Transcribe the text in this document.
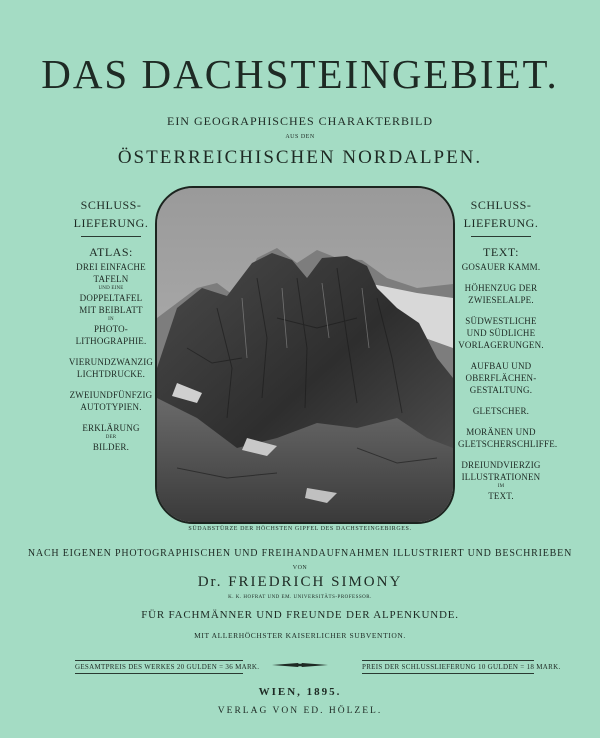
DAS DACHSTEINGEBIET.
EIN GEOGRAPHISCHES CHARAKTERBILD
AUS DEN
ÖSTERREICHISCHEN NORDALPEN.
SCHLUSS-
LIEFERUNG.
ATLAS:
DREI EINFACHE
TAFELN
UND EINE
DOPPELTAFEL
MIT BEIBLATT
IN
PHOTO-
LITHOGRAPHIE.
VIERUNDZWANZIG
LICHTDRUCKE.
ZWEIUNDFÜNFZIG
AUTOTYPIEN.
ERKLÄRUNG
DER
BILDER.
SCHLUSS-
LIEFERUNG.
TEXT:
GOSAUER KAMM.
HÖHENZUG DER
ZWIESELALPE.
SÜDWESTLICHE
UND SÜDLICHE
VORLAGERUNGEN.
AUFBAU UND
OBERFLÄCHEN-
GESTALTUNG.
GLETSCHER.
MORÄNEN UND
GLETSCHERSCHLIFFE.
DREIUNDVIERZIG
ILLUSTRATIONEN
IM
TEXT.
SÜDABSTÜRZE DER HÖCHSTEN GIPFEL DES DACHSTEINGEBIRGES.
NACH EIGENEN PHOTOGRAPHISCHEN UND FREIHANDAUFNAHMEN ILLUSTRIERT UND BESCHRIEBEN
VON
Dr. FRIEDRICH SIMONY
K. K. HOFRAT UND EM. UNIVERSITÄTS-PROFESSOR.
FÜR FACHMÄNNER UND FREUNDE DER ALPENKUNDE.
MIT ALLERHÖCHSTER KAISERLICHER SUBVENTION.
GESAMTPREIS DES WERKES 20 GULDEN = 36 MARK.	PREIS DER SCHLUSSLIEFERUNG 10 GULDEN = 18 MARK.
WIEN, 1895.
VERLAG VON ED. HÖLZEL.
